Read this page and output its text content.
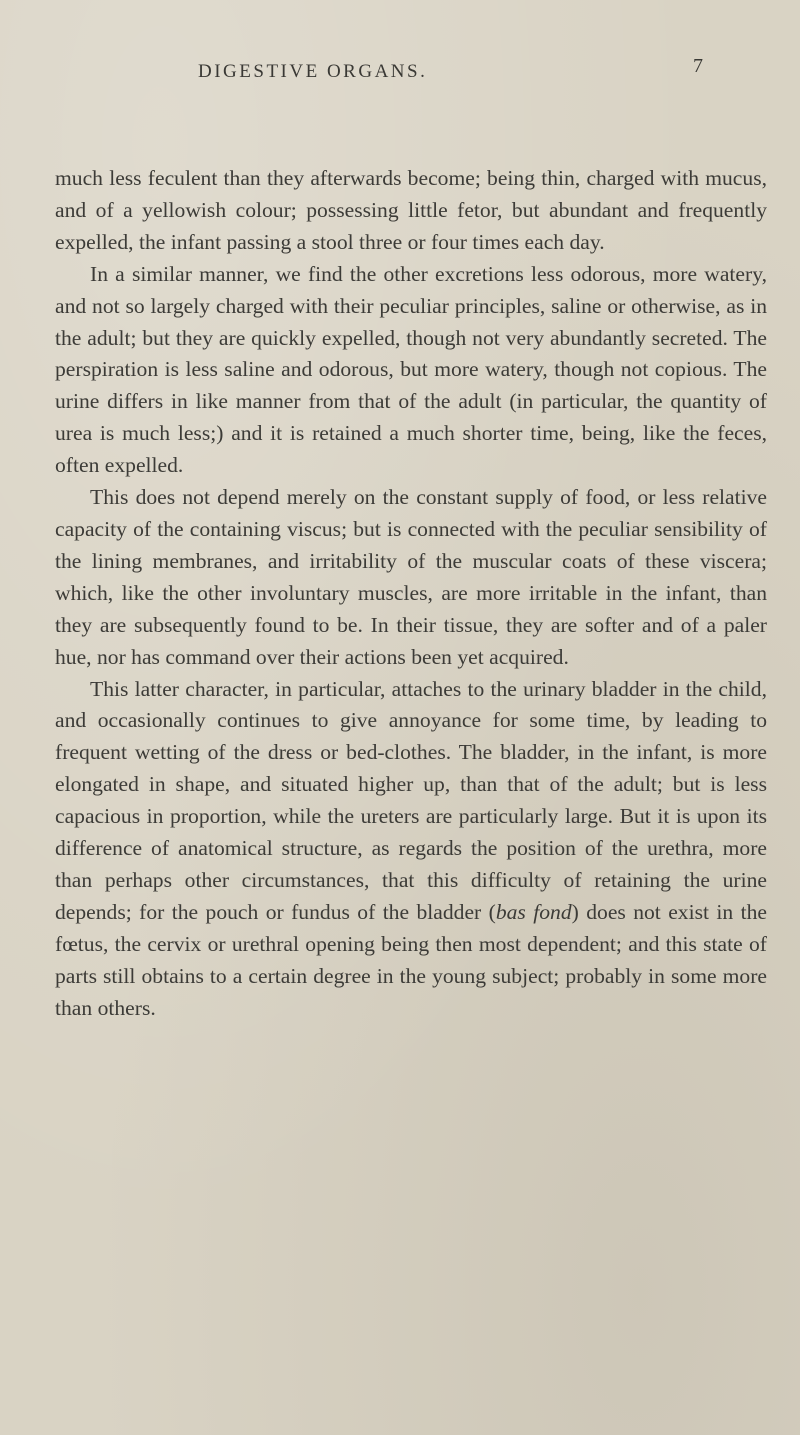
DIGESTIVE ORGANS.	7

much less feculent than they afterwards become; being thin, charged with mucus, and of a yellowish colour; possessing little fetor, but abundant and frequently expelled, the infant passing a stool three or four times each day.

In a similar manner, we find the other excretions less odorous, more watery, and not so largely charged with their peculiar principles, saline or otherwise, as in the adult; but they are quickly expelled, though not very abundantly secreted. The perspiration is less saline and odorous, but more watery, though not copious. The urine differs in like manner from that of the adult (in particular, the quantity of urea is much less;) and it is retained a much shorter time, being, like the feces, often expelled.

This does not depend merely on the constant supply of food, or less relative capacity of the containing viscus; but is connected with the peculiar sensibility of the lining membranes, and irritability of the muscular coats of these viscera; which, like the other involuntary muscles, are more irritable in the infant, than they are subsequently found to be. In their tissue, they are softer and of a paler hue, nor has command over their actions been yet acquired.

This latter character, in particular, attaches to the urinary bladder in the child, and occasionally continues to give annoyance for some time, by leading to frequent wetting of the dress or bed-clothes. The bladder, in the infant, is more elongated in shape, and situated higher up, than that of the adult; but is less capacious in proportion, while the ureters are particularly large. But it is upon its difference of anatomical structure, as regards the position of the urethra, more than perhaps other circumstances, that this difficulty of retaining the urine depends; for the pouch or fundus of the bladder (bas fond) does not exist in the fœtus, the cervix or urethral opening being then most dependent; and this state of parts still obtains to a certain degree in the young subject; probably in some more than others.
